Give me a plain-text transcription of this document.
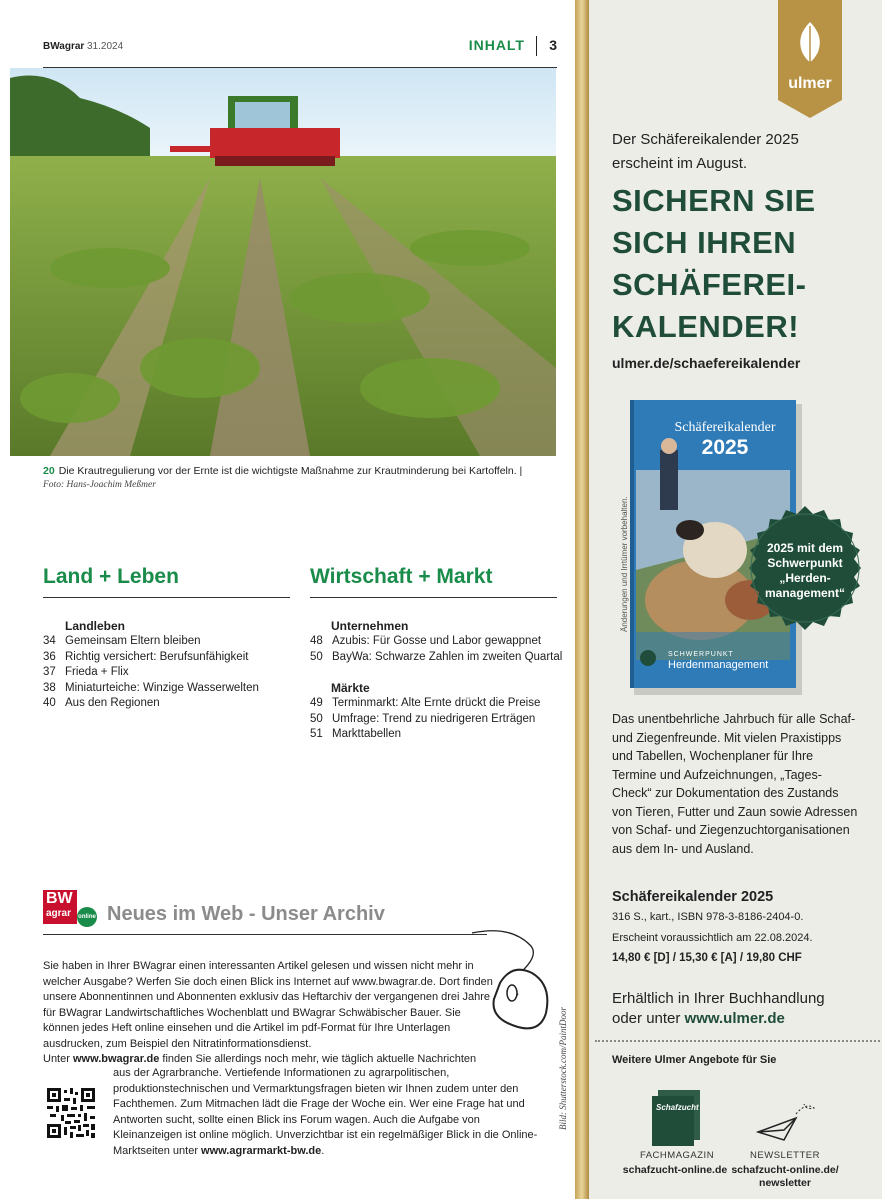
BWagrar 31.2024	INHALT 3
20 Die Krautregulierung vor der Ernte ist die wichtigste Maßnahme zur Krautminderung bei Kartoffeln. |
Foto: Hans-Joachim Meßmer
Land + Leben
Landleben
34 Gemeinsam Eltern bleiben
36 Richtig versichert: Berufsunfähigkeit
37 Frieda + Flix
38 Miniaturteiche: Winzige Wasserwelten
40 Aus den Regionen
Wirtschaft + Markt
Unternehmen
48 Azubis: Für Gosse und Labor gewappnet
50 BayWa: Schwarze Zahlen im zweiten Quartal
Märkte
49 Terminmarkt: Alte Ernte drückt die Preise
50 Umfrage: Trend zu niedrigeren Erträgen
51 Markttabellen
BW
agrar online Neues im Web - Unser Archiv
Bild: Shutterstock.com/PaintDoor
Sie haben in Ihrer BWagrar einen interessanten Artikel gelesen und wissen nicht mehr in welcher Ausgabe? Werfen Sie doch einen Blick ins Internet auf www.bwagrar.de. Dort finden unsere Abonnentinnen und Abonnenten exklusiv das Heftarchiv der vergangenen drei Jahre für BWagrar Landwirtschaftliches Wochenblatt und BWagrar Schwäbischer Bauer. Sie können jedes Heft online einsehen und die Artikel im pdf-Format für Ihre Unterlagen ausdrucken, zum Beispiel den Nitratinformationsdienst.
Unter www.bwagrar.de finden Sie allerdings noch mehr, wie täglich aktuelle Nachrichten
aus der Agrarbranche. Vertiefende Informationen zu agrarpolitischen, produktionstechnischen und Vermarktungsfragen bieten wir Ihnen zudem unter den Fachthemen. Zum Mitmachen lädt die Frage der Woche ein. Wer eine Frage hat und Antworten sucht, sollte einen Blick ins Forum wagen. Auch die Aufgabe von Kleinanzeigen ist online möglich. Unverzichtbar ist ein regelmäßiger Blick in die Online-Marktseiten unter www.agrarmarkt-bw.de.
ulmer
Der Schäfereikalender 2025 erscheint im August.
SICHERN SIE
SICH IHREN
SCHÄFEREI-
KALENDER!
ulmer.de/schaefereikalender
Änderungen und Irrtümer vorbehalten.
Schäfereikalender
2025
SCHWERPUNKT
Herdenmanagement
2025 mit dem Schwerpunkt „Herden-management“
Das unentbehrliche Jahrbuch für alle Schaf- und Ziegenfreunde. Mit vielen Praxistipps und Tabellen, Wochenplaner für Ihre Termine und Aufzeichnungen, „Tages-Check“ zur Dokumentation des Zustands von Tieren, Futter und Zaun sowie Adressen von Schaf- und Ziegenzuchtorganisationen aus dem In- und Ausland.
Schäfereikalender 2025
316 S., kart., ISBN 978-3-8186-2404-0.
Erscheint voraussichtlich am 22.08.2024.
14,80 € [D] / 15,30 € [A] / 19,80 CHF
Erhältlich in Ihrer Buchhandlung
oder unter www.ulmer.de
Weitere Ulmer Angebote für Sie
Schafzucht
FACHMAGAZIN
schafzucht-online.de
NEWSLETTER
schafzucht-online.de/ newsletter
